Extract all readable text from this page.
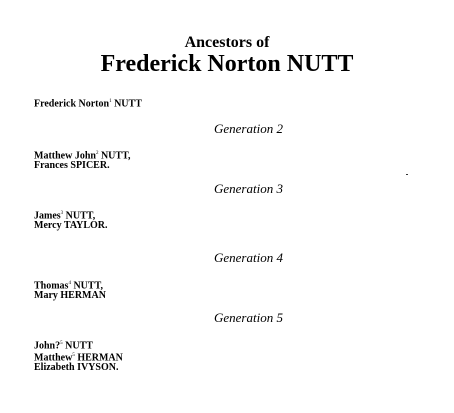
Ancestors of
Frederick Norton NUTT
Frederick Norton$^1$ NUTT
Generation 2
Matthew John$^2$ NUTT,
Frances SPICER.
Generation 3
James$^3$ NUTT,
Mercy TAYLOR.
Generation 4
Thomas$^4$ NUTT,
Mary HERMAN
Generation 5
John?$^5$ NUTT
Matthew$^5$ HERMAN
Elizabeth IVYSON.
